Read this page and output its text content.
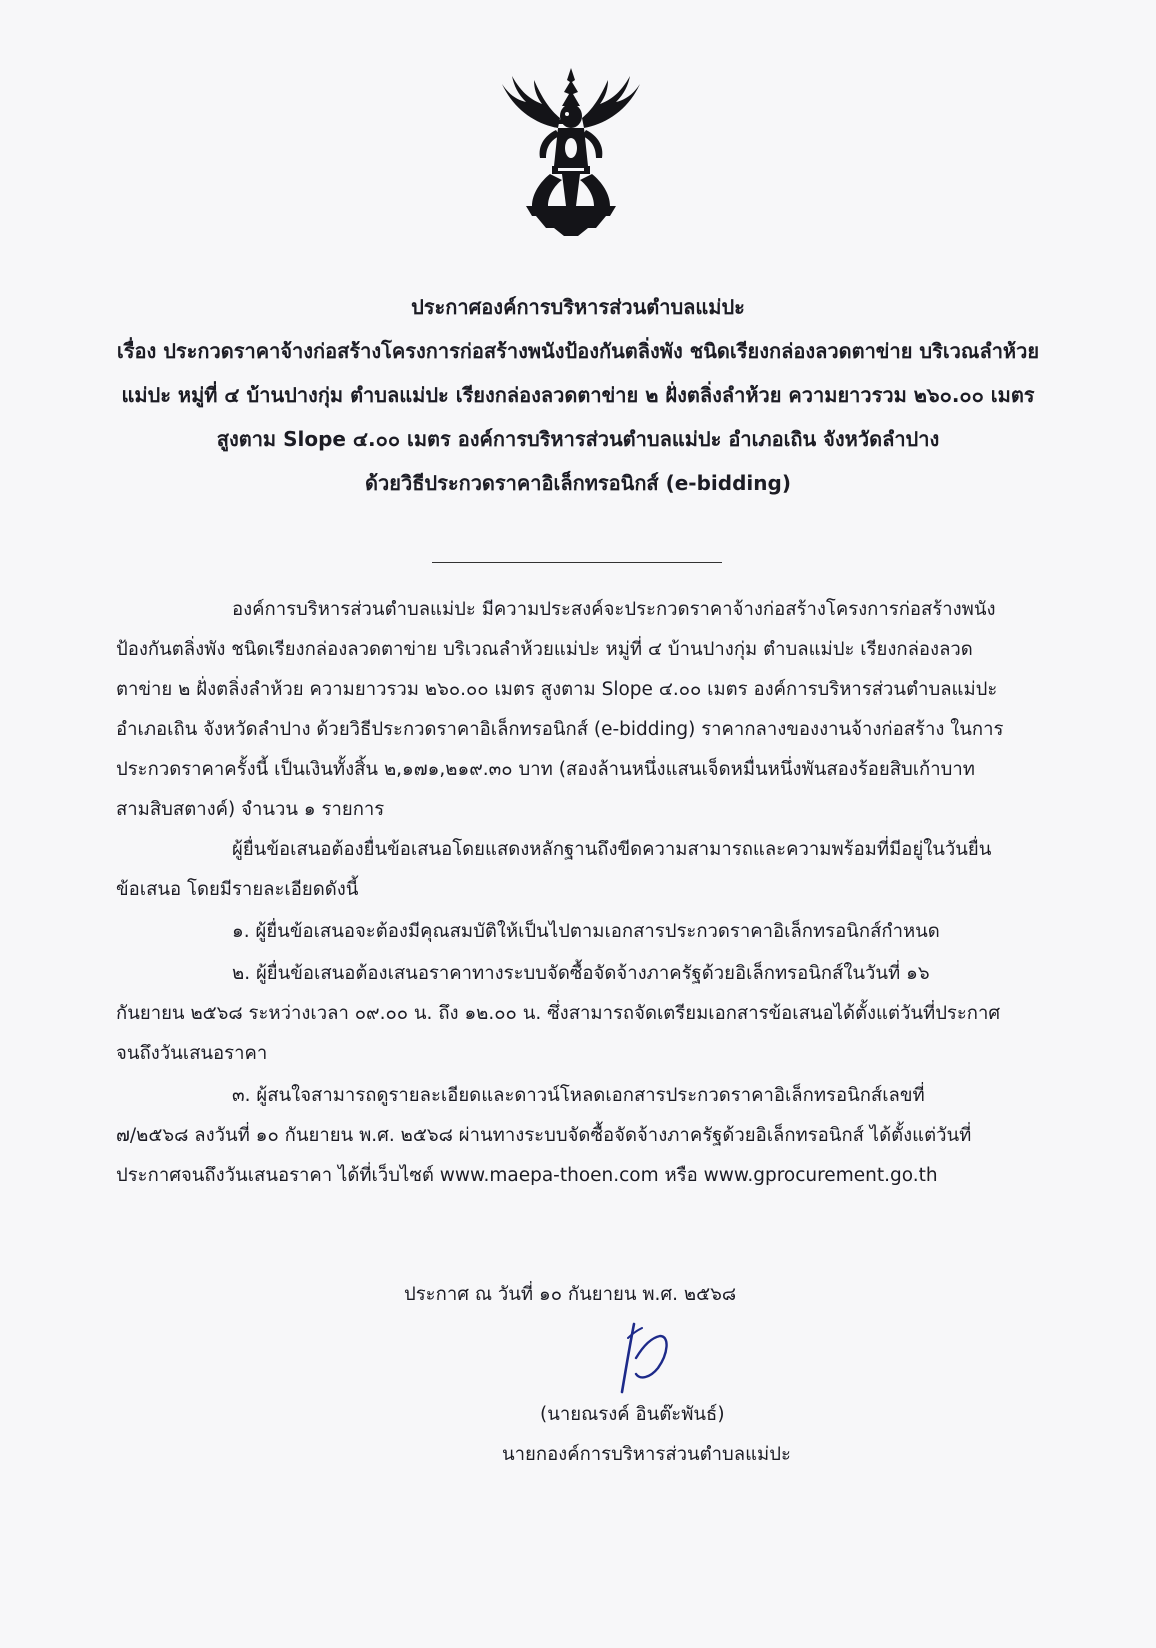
ประกาศองค์การบริหารส่วนตำบลแม่ปะ
เรื่อง ประกวดราคาจ้างก่อสร้างโครงการก่อสร้างพนังป้องกันตลิ่งพัง ชนิดเรียงกล่องลวดตาข่าย บริเวณลำห้วย
แม่ปะ หมู่ที่ ๔ บ้านปางกุ่ม ตำบลแม่ปะ เรียงกล่องลวดตาข่าย ๒ ฝั่งตลิ่งลำห้วย ความยาวรวม ๒๖๐.๐๐ เมตร
สูงตาม Slope ๔.๐๐ เมตร องค์การบริหารส่วนตำบลแม่ปะ อำเภอเถิน จังหวัดลำปาง
ด้วยวิธีประกวดราคาอิเล็กทรอนิกส์ (e-bidding)
องค์การบริหารส่วนตำบลแม่ปะ มีความประสงค์จะประกวดราคาจ้างก่อสร้างโครงการก่อสร้างพนัง
ป้องกันตลิ่งพัง ชนิดเรียงกล่องลวดตาข่าย บริเวณลำห้วยแม่ปะ หมู่ที่ ๔ บ้านปางกุ่ม ตำบลแม่ปะ เรียงกล่องลวด
ตาข่าย ๒ ฝั่งตลิ่งลำห้วย ความยาวรวม ๒๖๐.๐๐ เมตร สูงตาม Slope ๔.๐๐ เมตร องค์การบริหารส่วนตำบลแม่ปะ
อำเภอเถิน จังหวัดลำปาง ด้วยวิธีประกวดราคาอิเล็กทรอนิกส์ (e-bidding) ราคากลางของงานจ้างก่อสร้าง ในการ
ประกวดราคาครั้งนี้ เป็นเงินทั้งสิ้น ๒,๑๗๑,๒๑๙.๓๐ บาท (สองล้านหนึ่งแสนเจ็ดหมื่นหนึ่งพันสองร้อยสิบเก้าบาท
สามสิบสตางค์) จำนวน ๑ รายการ
ผู้ยื่นข้อเสนอต้องยื่นข้อเสนอโดยแสดงหลักฐานถึงขีดความสามารถและความพร้อมที่มีอยู่ในวันยื่น
ข้อเสนอ โดยมีรายละเอียดดังนี้
๑. ผู้ยื่นข้อเสนอจะต้องมีคุณสมบัติให้เป็นไปตามเอกสารประกวดราคาอิเล็กทรอนิกส์กำหนด
๒. ผู้ยื่นข้อเสนอต้องเสนอราคาทางระบบจัดซื้อจัดจ้างภาครัฐด้วยอิเล็กทรอนิกส์ในวันที่ ๑๖
กันยายน ๒๕๖๘ ระหว่างเวลา ๐๙.๐๐ น. ถึง ๑๒.๐๐ น. ซึ่งสามารถจัดเตรียมเอกสารข้อเสนอได้ตั้งแต่วันที่ประกาศ
จนถึงวันเสนอราคา
๓. ผู้สนใจสามารถดูรายละเอียดและดาวน์โหลดเอกสารประกวดราคาอิเล็กทรอนิกส์เลขที่
๗/๒๕๖๘ ลงวันที่ ๑๐ กันยายน พ.ศ. ๒๕๖๘ ผ่านทางระบบจัดซื้อจัดจ้างภาครัฐด้วยอิเล็กทรอนิกส์ ได้ตั้งแต่วันที่
ประกาศจนถึงวันเสนอราคา ได้ที่เว็บไซต์ www.maepa-thoen.com หรือ www.gprocurement.go.th
ประกาศ ณ วันที่ ๑๐ กันยายน พ.ศ. ๒๕๖๘
(นายณรงค์ อินต๊ะพันธ์)
นายกองค์การบริหารส่วนตำบลแม่ปะ
